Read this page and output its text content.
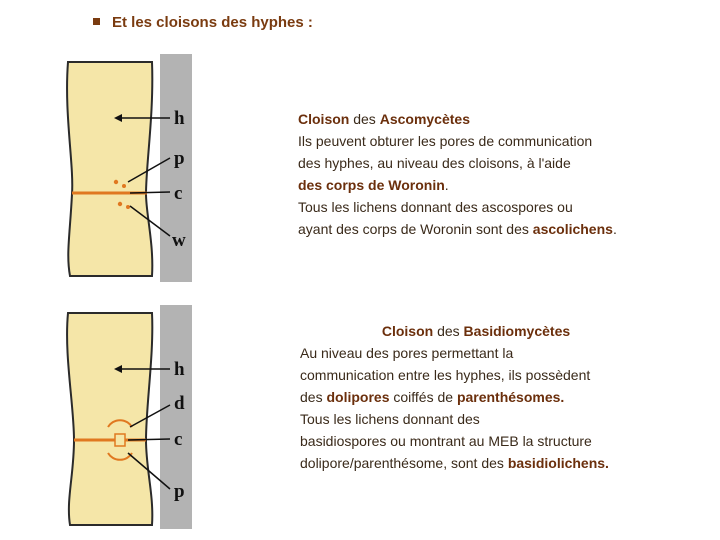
Et les cloisons des hyphes :
h
p
c
w
Cloison des Ascomycètes
Ils peuvent obturer les pores de communication
des hyphes, au niveau des cloisons, à l'aide
des corps de Woronin.
Tous les lichens donnant des ascospores ou
ayant des corps de Woronin sont des ascolichens.
h
d
c
p
Cloison des Basidiomycètes
Au niveau des pores permettant la
communication entre les hyphes, ils possèdent
des dolipores coiffés de parenthésomes.
Tous les lichens donnant des
basidiospores ou montrant au MEB la structure
dolipore/parenthésome, sont des basidiolichens.
